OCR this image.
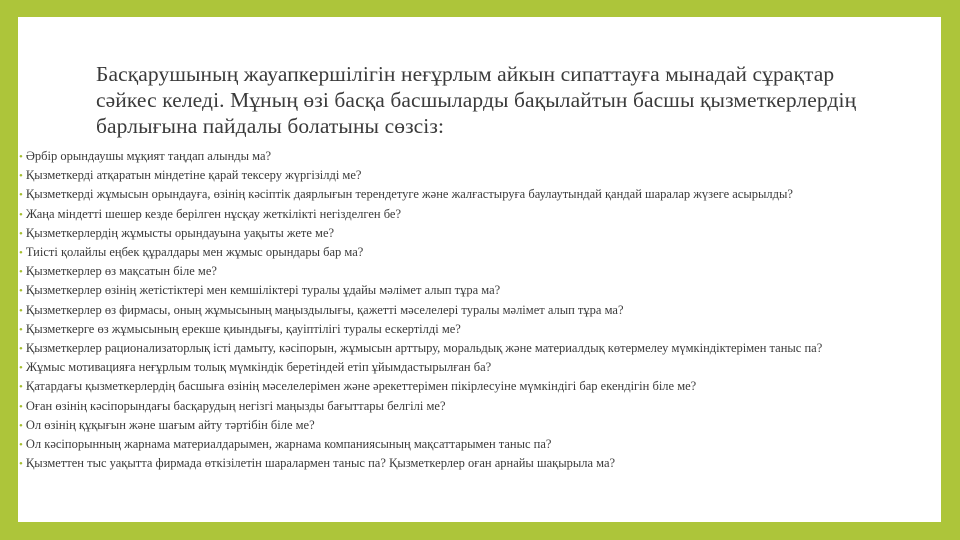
Басқарушының жауапкершілігін неғұрлым айкын сипаттауға мынадай сұрақтар сәйкес келеді. Мұның өзі басқа басшыларды бақылайтын басшы қызметкерлердің барлығына пайдалы болатыны сөзсіз:
• Әрбір орындаушы мұқият таңдап алынды ма?
• Қызметкерді атқаратын міндетіне қарай тексеру жүргізілді ме?
• Қызметкерді жұмысын орындауға, өзінің кәсіптік даярлығын терендетуге және жалғастыруға баулаутындай қандай шаралар жүзеге асырылды?
• Жаңа міндетті шешер кезде берілген нұсқау жеткілікті негізделген бе?
• Қызметкерлердің жұмысты орындауына уақыты жете ме?
• Тиісті қолайлы еңбек құралдары мен жұмыс орындары бар ма?
• Қызметкерлер өз мақсатын біле ме?
• Қызметкерлер өзінің жетістіктері мен кемшіліктері туралы ұдайы мәлімет алып тұра ма?
• Қызметкерлер өз фирмасы, оның жұмысының маңыздылығы, қажетті мәселелері туралы мәлімет алып тұра ма?
• Қызметкерге өз жұмысының ерекше қиындығы, қауіптілігі туралы ескертілді ме?
• Қызметкерлер рационализаторлық істі дамыту, кәсіпорын, жұмысын арттыру, моральдық және материалдық көтермелеу мүмкіндіктерімен таныс па?
• Жұмыс мотивацияға неғұрлым толық мүмкіндік беретіндей етіп ұйымдастырылған ба?
• Қатардағы қызметкерлердің басшыға өзінің мәселелерімен және әрекеттерімен пікірлесуіне мүмкіндігі бар екендігін біле ме?
• Оған өзінің кәсіпорындағы басқарудың негізгі маңызды бағыттары белгілі ме?
• Ол өзінің құқығын және шағым айту тәртібін біле ме?
• Ол кәсіпорынның жарнама материалдарымен, жарнама компаниясының мақсаттарымен таныс па?
• Қызметтен тыс уақытта фирмада өткізілетін шаралармен таныс па? Қызметкерлер оған арнайы шақырыла ма?
